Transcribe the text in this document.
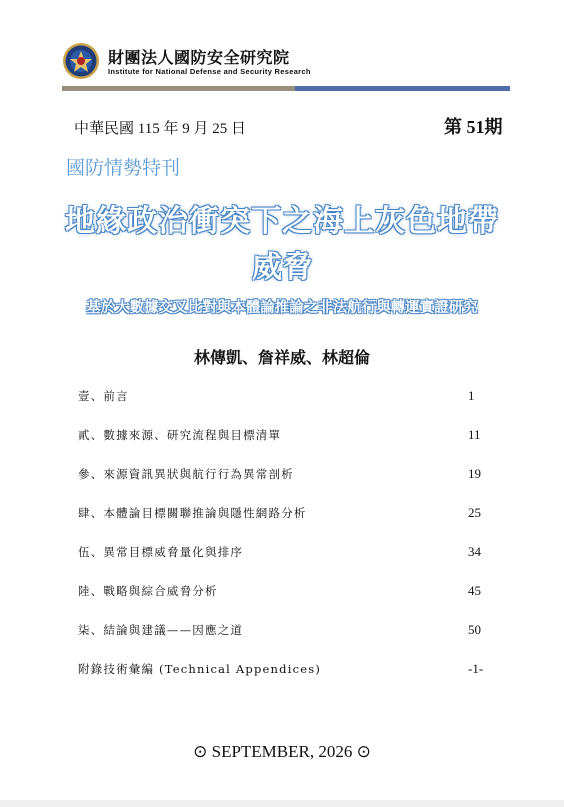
財團法人國防安全研究院
Institute for National Defense and Security Research
中華民國 115 年 9 月 25 日	第 51期
國防情勢特刊
地緣政治衝突下之海上灰色地帶
威脅
基於大數據交叉比對與本體論推論之非法航行與轉運實證研究
林傳凱、詹祥威、林超倫
壹、前言	1
貳、數據來源、研究流程與目標清單	11
參、來源資訊異狀與航行行為異常剖析	19
肆、本體論目標關聯推論與隱性網路分析	25
伍、異常目標威脅量化與排序	34
陸、戰略與綜合威脅分析	45
柒、結論與建議——因應之道	50
附錄技術彙編 (Technical Appendices)	-1-
⊙ SEPTEMBER, 2026 ⊙
